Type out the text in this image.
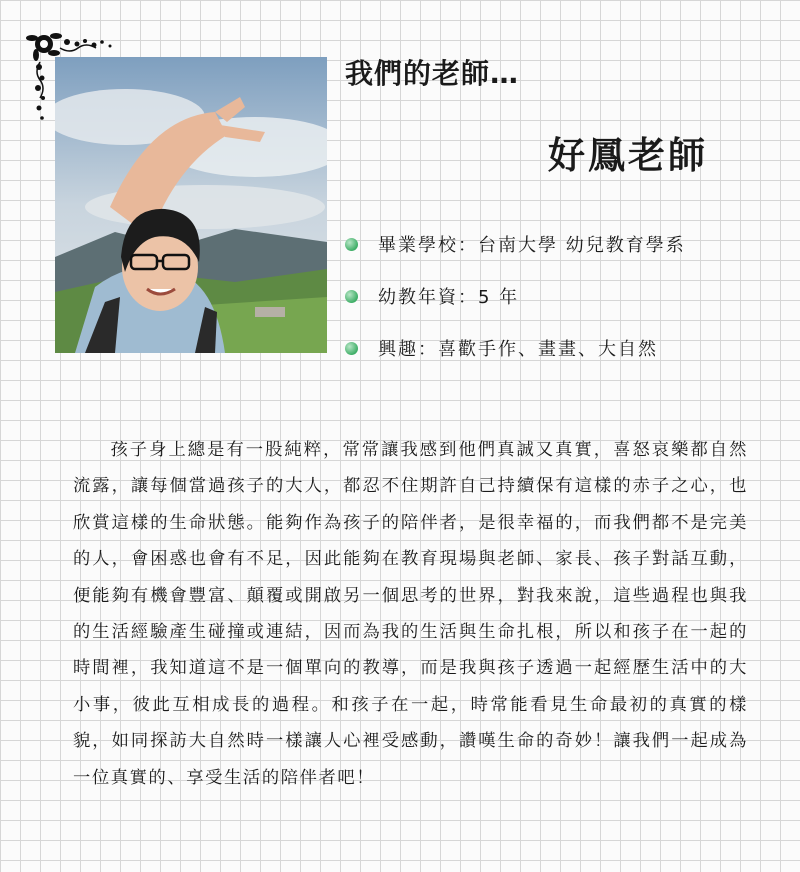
我們的老師…
好鳳老師
畢業學校：台南大學 幼兒教育學系
幼教年資：5 年
興趣：喜歡手作、畫畫、大自然

孩子身上總是有一股純粹，常常讓我感到他們真誠又真實，喜怒哀樂都自然流露，讓每個當過孩子的大人，都忍不住期許自己持續保有這樣的赤子之心，也欣賞這樣的生命狀態。能夠作為孩子的陪伴者，是很幸福的，而我們都不是完美的人，會困惑也會有不足，因此能夠在教育現場與老師、家長、孩子對話互動，便能夠有機會豐富、顛覆或開啟另一個思考的世界，對我來說，這些過程也與我的生活經驗產生碰撞或連結，因而為我的生活與生命扎根，所以和孩子在一起的時間裡，我知道這不是一個單向的教導，而是我與孩子透過一起經歷生活中的大小事，彼此互相成長的過程。和孩子在一起，時常能看見生命最初的真實的樣貌，如同探訪大自然時一樣讓人心裡受感動，讚嘆生命的奇妙！讓我們一起成為一位真實的、享受生活的陪伴者吧！
